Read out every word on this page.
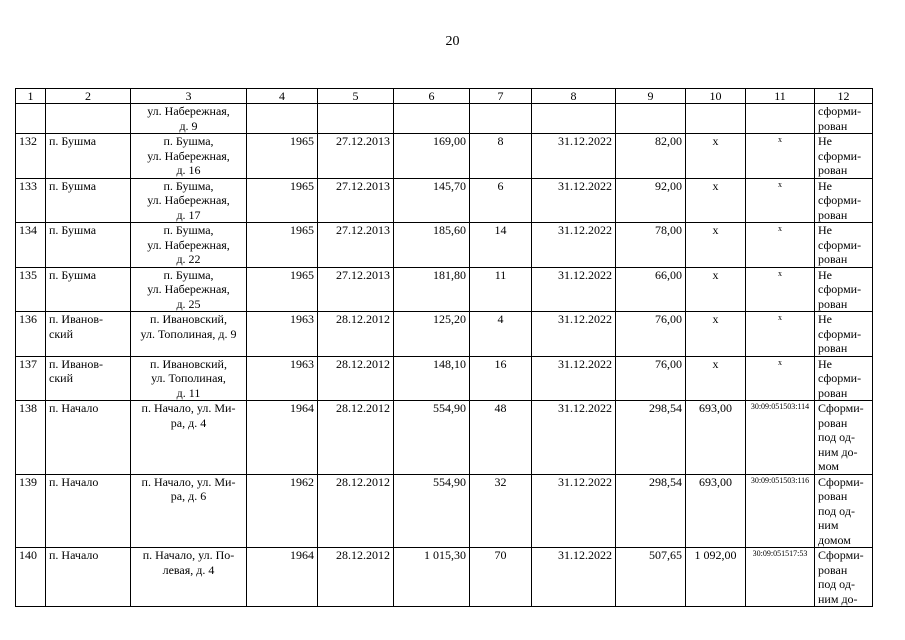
20
1	2	3	4	5	6	7	8	9	10	11	12
		ул. Набережная,
д. 9									сформи-
рован
132	п. Бушма	п. Бушма,
ул. Набережная,
д. 16	1965	27.12.2013	169,00	8	31.12.2022	82,00	х	х	Не
сформи-
рован
133	п. Бушма	п. Бушма,
ул. Набережная,
д. 17	1965	27.12.2013	145,70	6	31.12.2022	92,00	х	х	Не
сформи-
рован
134	п. Бушма	п. Бушма,
ул. Набережная,
д. 22	1965	27.12.2013	185,60	14	31.12.2022	78,00	х	х	Не
сформи-
рован
135	п. Бушма	п. Бушма,
ул. Набережная,
д. 25	1965	27.12.2013	181,80	11	31.12.2022	66,00	х	х	Не
сформи-
рован
136	п. Иванов-
ский	п. Ивановский,
ул. Тополиная, д. 9	1963	28.12.2012	125,20	4	31.12.2022	76,00	х	х	Не
сформи-
рован
137	п. Иванов-
ский	п. Ивановский,
ул. Тополиная,
д. 11	1963	28.12.2012	148,10	16	31.12.2022	76,00	х	х	Не
сформи-
рован
138	п. Начало	п. Начало, ул. Ми-
ра, д. 4	1964	28.12.2012	554,90	48	31.12.2022	298,54	693,00	30:09:051503:114	Сформи-
рован
под од-
ним до-
мом
139	п. Начало	п. Начало, ул. Ми-
ра, д. 6	1962	28.12.2012	554,90	32	31.12.2022	298,54	693,00	30:09:051503:116	Сформи-
рован
под од-
ним
домом
140	п. Начало	п. Начало, ул. По-
левая, д. 4	1964	28.12.2012	1 015,30	70	31.12.2022	507,65	1 092,00	30:09:051517:53	Сформи-
рован
под од-
ним до-
